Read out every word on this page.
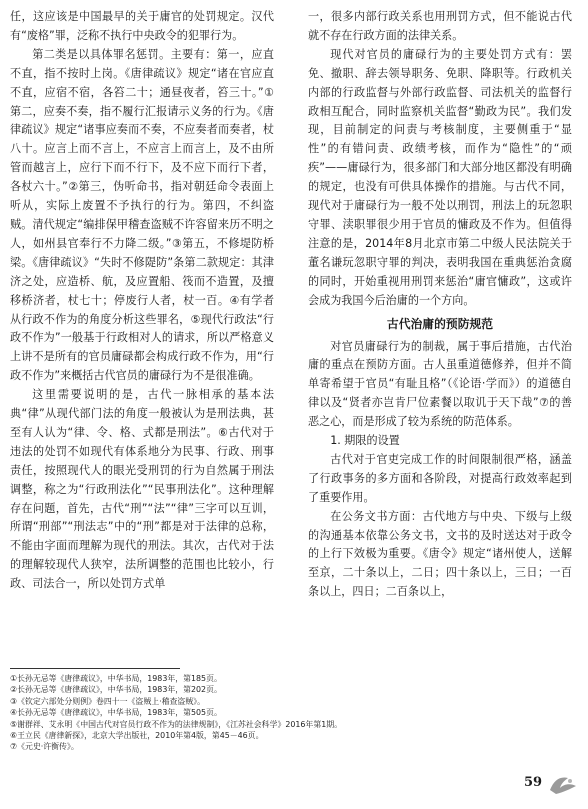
任，这应该是中国最早的关于庸官的处罚规定。汉代有“废格”罪，泛称不执行中央政令的犯罪行为。

第二类是以具体罪名惩罚。主要有：第一，应直不直，指不按时上岗。《唐律疏议》规定“诸在官应直不直，应宿不宿，各笞二十；通昼夜者，笞三十。”①第二，应奏不奏，指不履行汇报请示义务的行为。《唐律疏议》规定“诸事应奏而不奏，不应奏者而奏者，杖八十。应言上而不言上，不应言上而言上，及不由所管而越言上，应行下而不行下，及不应下而行下者，各杖六十。”②第三，伪听命书，指对朝廷命令表面上听从，实际上废置不予执行的行为。第四，不纠盗贼。清代规定“编排保甲稽查盗贼不许容留来历不明之人，如州县官奉行不力降二级。”③第五，不修堤防桥梁。《唐律疏议》“失时不修隄防”条第二款规定：其津济之处，应造桥、航，及应置船、筏而不造置，及擅移桥济者，杖七十；停废行人者，杖一百。④有学者从行政不作为的角度分析这些罪名，⑤现代行政法“行政不作为”一般基于行政相对人的请求，所以严格意义上讲不是所有的官员庸碌都会构成行政不作为，用“行政不作为”来概括古代官员的庸碌行为不是很准确。

这里需要说明的是，古代一脉相承的基本法典“律”从现代部门法的角度一般被认为是刑法典，甚至有人认为“律、令、格、式都是刑法”。⑥古代对于违法的处罚不如现代有体系地分为民事、行政、刑事责任，按照现代人的眼光受刑罚的行为自然属于刑法调整，称之为“行政刑法化”“民事刑法化”。这种理解存在问题，首先，古代“刑”“法”“律”三字可以互训，所谓“刑部”“刑法志”中的“刑”都是对于法律的总称，不能由字面而理解为现代的刑法。其次，古代对于法的理解较现代人狭窄，法所调整的范围也比较小，行政、司法合一，所以处罚方式单

一，很多内部行政关系也用刑罚方式，但不能说古代就不存在行政方面的法律关系。

现代对官员的庸碌行为的主要处罚方式有：罢免、撤职、辞去领导职务、免职、降职等。行政机关内部的行政监督与外部行政监督、司法机关的监督行政相互配合，同时监察机关监督“勤政为民”。我们发现，目前制定的问责与考核制度，主要侧重于“显性”的有错问责、政绩考核，而作为“隐性”的“顽疾”——庸碌行为，很多部门和大部分地区都没有明确的规定，也没有可供具体操作的措施。与古代不同，现代对于庸碌行为一般不处以刑罚，刑法上的玩忽职守罪、渎职罪很少用于官员的慵政及不作为。但值得注意的是，2014年8月北京市第二中级人民法院关于董名谦玩忽职守罪的判决，表明我国在重典惩治贪腐的同时，开始重视用刑罚来惩治“庸官慵政”，这或许会成为我国今后治庸的一个方向。

古代治庸的预防规范

对官员庸碌行为的制裁，属于事后措施，古代治庸的重点在预防方面。古人虽重道德修养，但并不简单寄希望于官员“有耻且格”（《论语·学而》）的道德自律以及“贤者亦岂肯尸位素餐以取讥于天下哉”⑦的善恶之心，而是形成了较为系统的防范体系。

1. 期限的设置

古代对于官吏完成工作的时间限制很严格，涵盖了行政事务的多方面和各阶段，对提高行政效率起到了重要作用。

在公务文书方面：古代地方与中央、下级与上级的沟通基本依靠公务文书，文书的及时送达对于政令的上行下效极为重要。《唐令》规定“诸州使人，送解至京，二十条以上，二日；四十条以上，三日；一百条以上，四日；二百条以上，

①长孙无忌等《唐律疏议》，中华书局，1983年，第185页。
②长孙无忌等《唐律疏议》，中华书局，1983年，第202页。
③《钦定六部处分则例》卷四十一《盗贼上·稽查盗贼》。
④长孙无忌等《唐律疏议》，中华书局，1983年，第505页。
⑤谢群祥、艾永明《中国古代对官员行政不作为的法律规制》，《江苏社会科学》2016年第1期。
⑥王立民《唐律新探》，北京大学出版社，2010年第4版，第45－46页。
⑦《元史·许衡传》。
59
